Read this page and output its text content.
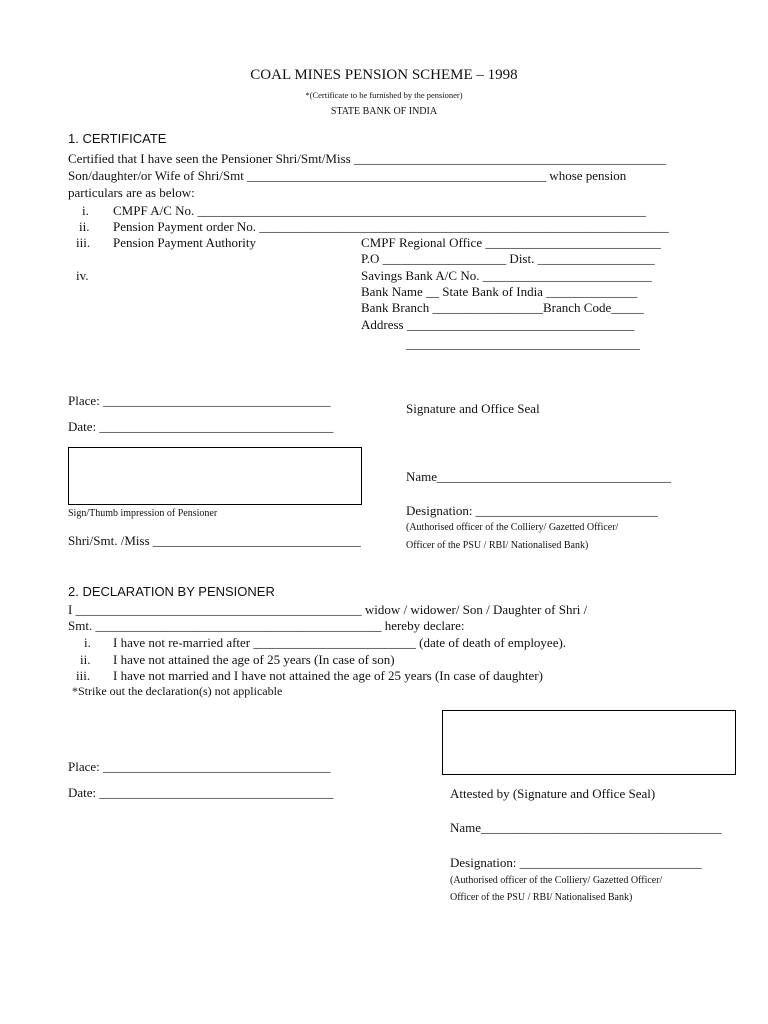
COAL MINES PENSION SCHEME – 1998
*(Certificate to be furnished by the pensioner)
STATE BANK OF INDIA
1. CERTIFICATE
Certified that I have seen the Pensioner Shri/Smt/Miss ________________________________________________
Son/daughter/or Wife of Shri/Smt ______________________________________________ whose pension
particulars are as below:
i. CMPF A/C No. _____________________________________________________________________
ii. Pension Payment order No. _______________________________________________________________
iii. Pension Payment Authority
iv.
CMPF Regional Office ___________________________
P.O ___________________ Dist. __________________
Savings Bank A/C No. __________________________
Bank Name __ State Bank of India ______________
Bank Branch _________________Branch Code_____
Address ___________________________________
____________________________________
Place: ___________________________________
Date: ____________________________________
Signature and Office Seal
Sign/Thumb impression of Pensioner
Shri/Smt. /Miss ________________________________
Name____________________________________
Designation: ____________________________
(Authorised officer of the Colliery/ Gazetted Officer/
Officer of the PSU / RBI/ Nationalised Bank)
2. DECLARATION BY PENSIONER
I ____________________________________________ widow / widower/ Son / Daughter of Shri /
Smt. ____________________________________________ hereby declare:
i. I have not re-married after _________________________ (date of death of employee).
ii. I have not attained the age of 25 years (In case of son)
iii. I have not married and I have not attained the age of 25 years (In case of daughter)
*Strike out the declaration(s) not applicable
Place: ___________________________________
Date: ____________________________________	Attested by (Signature and Office Seal)
Name_____________________________________
Designation: ____________________________
(Authorised officer of the Colliery/ Gazetted Officer/
Officer of the PSU / RBI/ Nationalised Bank)
